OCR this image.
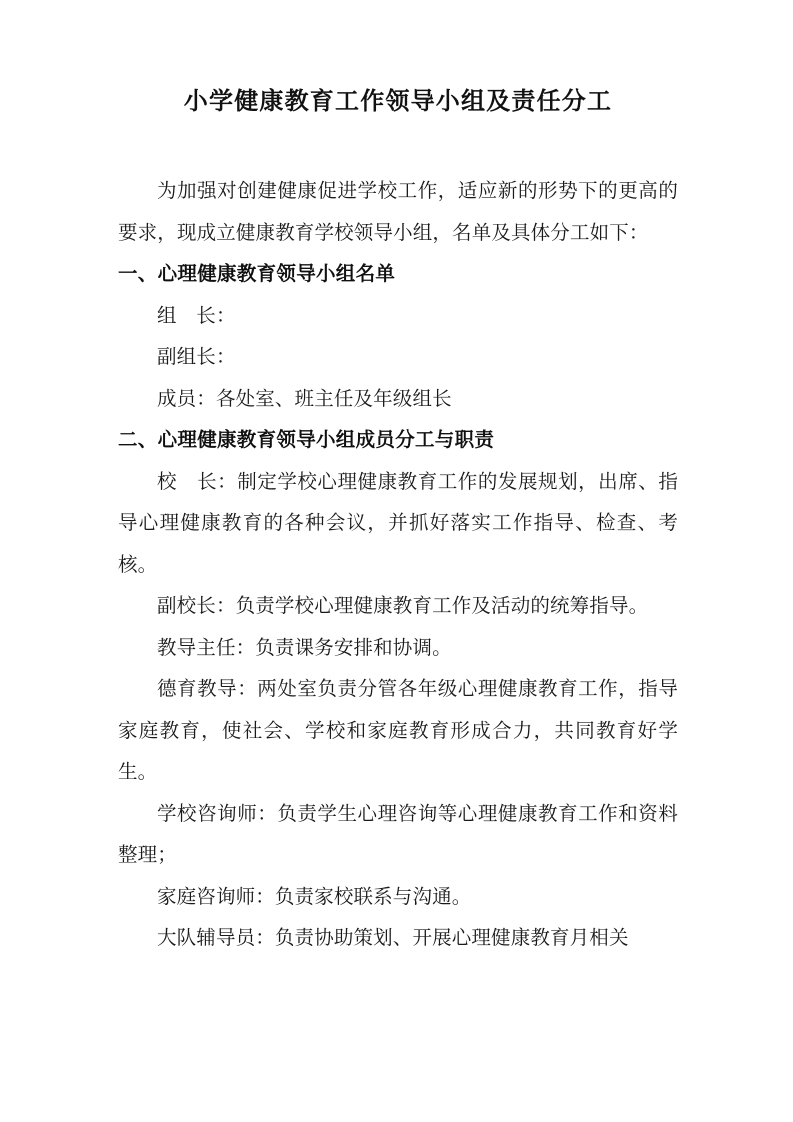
小学健康教育工作领导小组及责任分工

为加强对创建健康促进学校工作，适应新的形势下的更高的要求，现成立健康教育学校领导小组，名单及具体分工如下：

一、心理健康教育领导小组名单

组　长：

副组长：

成员：各处室、班主任及年级组长

二、心理健康教育领导小组成员分工与职责

校　长：制定学校心理健康教育工作的发展规划，出席、指导心理健康教育的各种会议，并抓好落实工作指导、检查、考核。

副校长：负责学校心理健康教育工作及活动的统筹指导。

教导主任：负责课务安排和协调。

德育教导：两处室负责分管各年级心理健康教育工作，指导家庭教育，使社会、学校和家庭教育形成合力，共同教育好学生。

学校咨询师：负责学生心理咨询等心理健康教育工作和资料整理；

家庭咨询师：负责家校联系与沟通。

大队辅导员：负责协助策划、开展心理健康教育月相关
